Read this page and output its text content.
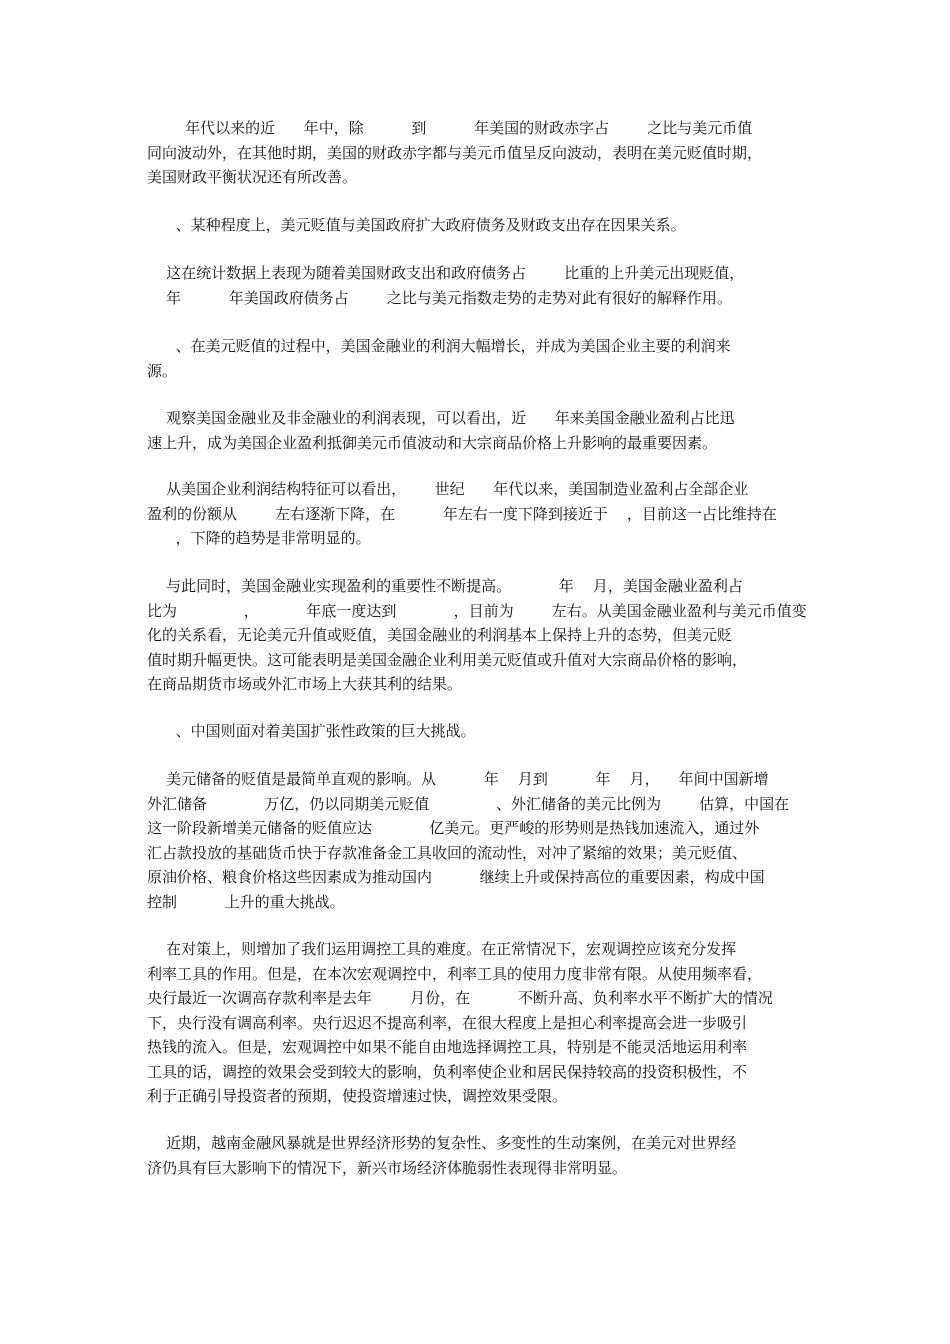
年代以来的近      年中，除          到          年美国的财政赤字占        之比与美元币值
同向波动外，在其他时期，美国的财政赤字都与美元币值呈反向波动，表明在美元贬值时期，
美国财政平衡状况还有所改善。
、某种程度上，美元贬值与美国政府扩大政府债务及财政支出存在因果关系。
这在统计数据上表现为随着美国财政支出和政府债务占        比重的上升美元出现贬值，
年          年美国政府债务占        之比与美元指数走势的走势对此有很好的解释作用。
、在美元贬值的过程中，美国金融业的利润大幅增长，并成为美国企业主要的利润来
源。
观察美国金融业及非金融业的利润表现，可以看出，近      年来美国金融业盈利占比迅
速上升，成为美国企业盈利抵御美元币值波动和大宗商品价格上升影响的最重要因素。
从美国企业利润结构特征可以看出，      世纪      年代以来，美国制造业盈利占全部企业
盈利的份额从        左右逐渐下降，在          年左右一度下降到接近于    ，目前这一占比维持在
，下降的趋势是非常明显的。
与此同时，美国金融业实现盈利的重要性不断提高。          年    月，美国金融业盈利占
比为              ，          年底一度达到            ，目前为        左右。从美国金融业盈利与美元币值变
化的关系看，无论美元升值或贬值，美国金融业的利润基本上保持上升的态势，但美元贬
值时期升幅更快。这可能表明是美国金融企业利用美元贬值或升值对大宗商品价格的影响，
在商品期货市场或外汇市场上大获其利的结果。
、中国则面对着美国扩张性政策的巨大挑战。
美元储备的贬值是最简单直观的影响。从          年    月到          年    月，    年间中国新增
外汇储备            万亿，仍以同期美元贬值              、外汇储备的美元比例为        估算，中国在
这一阶段新增美元储备的贬值应达            亿美元。更严峻的形势则是热钱加速流入，通过外
汇占款投放的基础货币快于存款准备金工具收回的流动性，对冲了紧缩的效果；美元贬值、
原油价格、粮食价格这些因素成为推动国内          继续上升或保持高位的重要因素，构成中国
控制          上升的重大挑战。
在对策上，则增加了我们运用调控工具的难度。在正常情况下，宏观调控应该充分发挥
利率工具的作用。但是，在本次宏观调控中，利率工具的使用力度非常有限。从使用频率看，
央行最近一次调高存款利率是去年        月份，在          不断升高、负利率水平不断扩大的情况
下，央行没有调高利率。央行迟迟不提高利率，在很大程度上是担心利率提高会进一步吸引
热钱的流入。但是，宏观调控中如果不能自由地选择调控工具，特别是不能灵活地运用利率
工具的话，调控的效果会受到较大的影响，负利率使企业和居民保持较高的投资积极性，不
利于正确引导投资者的预期，使投资增速过快，调控效果受限。
近期，越南金融风暴就是世界经济形势的复杂性、多变性的生动案例，在美元对世界经
济仍具有巨大影响下的情况下，新兴市场经济体脆弱性表现得非常明显。
